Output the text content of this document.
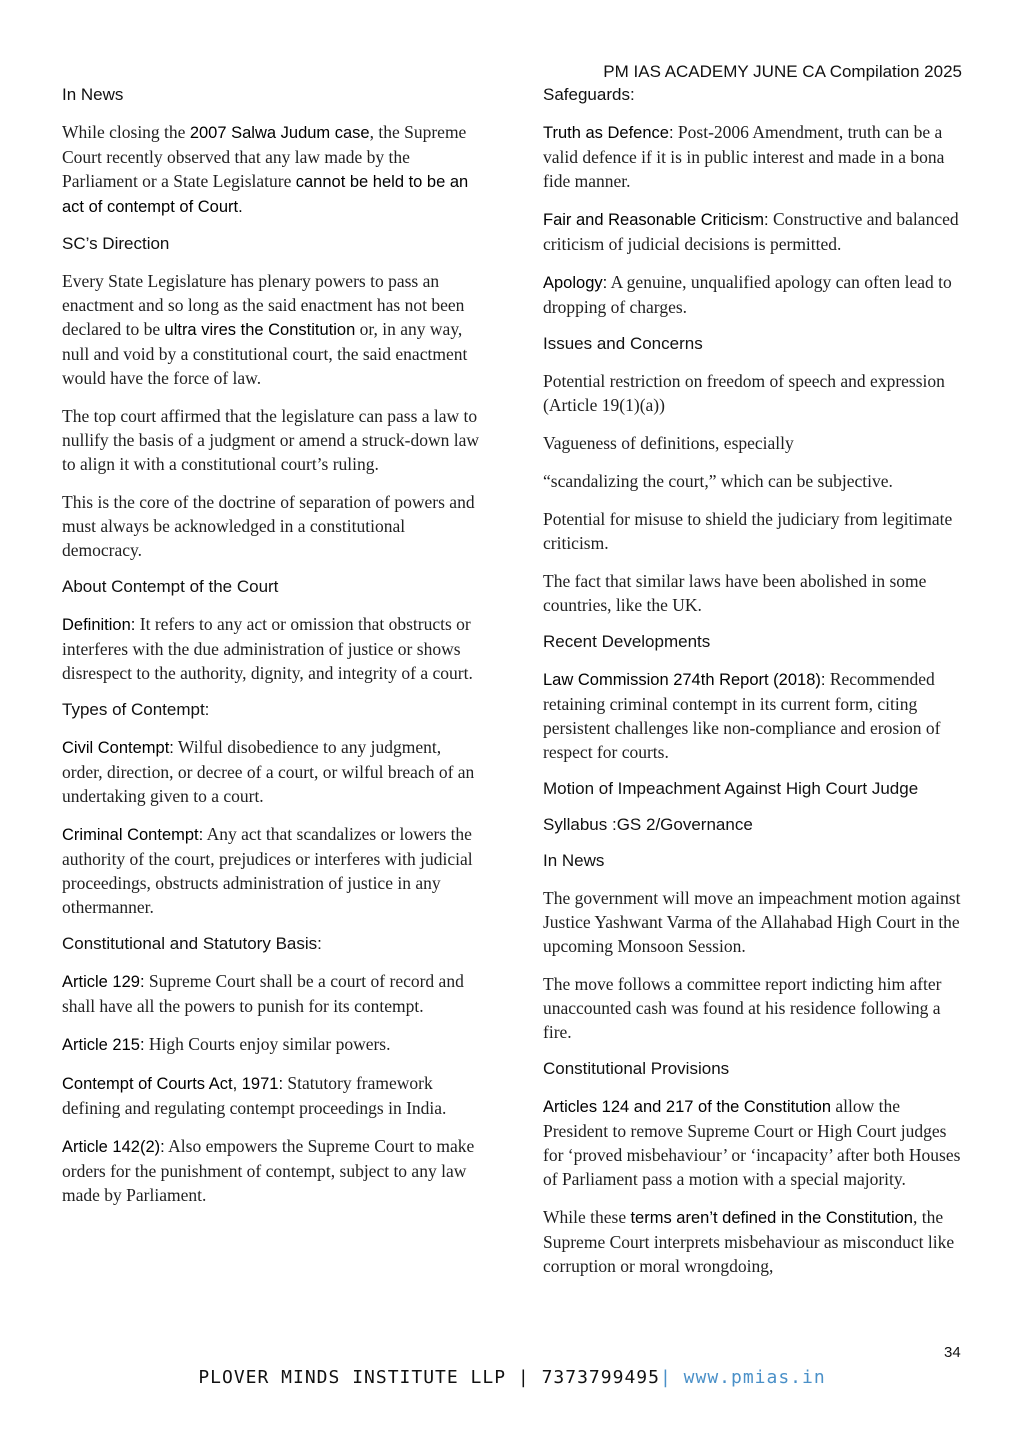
PM IAS ACADEMY JUNE CA Compilation 2025
In News

While closing the 2007 Salwa Judum case, the Supreme Court recently observed that any law made by the Parliament or a State Legislature cannot be held to be an act of contempt of Court.

SC’s Direction

Every State Legislature has plenary powers to pass an enactment and so long as the said enactment has not been declared to be ultra vires the Constitution or, in any way, null and void by a constitutional court, the said enactment would have the force of law.

The top court affirmed that the legislature can pass a law to nullify the basis of a judgment or amend a struck-down law to align it with a constitutional court’s ruling.

This is the core of the doctrine of separation of powers and must always be acknowledged in a constitutional democracy.

About Contempt of the Court

Definition: It refers to any act or omission that obstructs or interferes with the due administration of justice or shows disrespect to the authority, dignity, and integrity of a court.

Types of Contempt:

Civil Contempt: Wilful disobedience to any judgment, order, direction, or decree of a court, or wilful breach of an undertaking given to a court.

Criminal Contempt: Any act that scandalizes or lowers the authority of the court, prejudices or interferes with judicial proceedings, obstructs administration of justice in any othermanner.

Constitutional and Statutory Basis:

Article 129: Supreme Court shall be a court of record and shall have all the powers to punish for its contempt.

Article 215: High Courts enjoy similar powers.

Contempt of Courts Act, 1971: Statutory framework defining and regulating contempt proceedings in India.

Article 142(2): Also empowers the Supreme Court to make orders for the punishment of contempt, subject to any law made by Parliament.

Safeguards:

Truth as Defence: Post-2006 Amendment, truth can be a valid defence if it is in public interest and made in a bona fide manner.

Fair and Reasonable Criticism: Constructive and balanced criticism of judicial decisions is permitted.

Apology: A genuine, unqualified apology can often lead to dropping of charges.

Issues and Concerns

Potential restriction on freedom of speech and expression (Article 19(1)(a))

Vagueness of definitions, especially

“scandalizing the court,” which can be subjective.

Potential for misuse to shield the judiciary from legitimate criticism.

The fact that similar laws have been abolished in some countries, like the UK.

Recent Developments

Law Commission 274th Report (2018): Recommended retaining criminal contempt in its current form, citing persistent challenges like non-compliance and erosion of respect for courts.

Motion of Impeachment Against High Court Judge
Syllabus :GS 2/Governance
In News

The government will move an impeachment motion against Justice Yashwant Varma of the Allahabad High Court in the upcoming Monsoon Session.

The move follows a committee report indicting him after unaccounted cash was found at his residence following a fire.

Constitutional Provisions

Articles 124 and 217 of the Constitution allow the President to remove Supreme Court or High Court judges for ‘proved misbehaviour’ or ‘incapacity’ after both Houses of Parliament pass a motion with a special majority.

While these terms aren’t defined in the Constitution, the Supreme Court interprets misbehaviour as misconduct like corruption or moral wrongdoing,

34
PLOVER MINDS INSTITUTE LLP | 7373799495| www.pmias.in
